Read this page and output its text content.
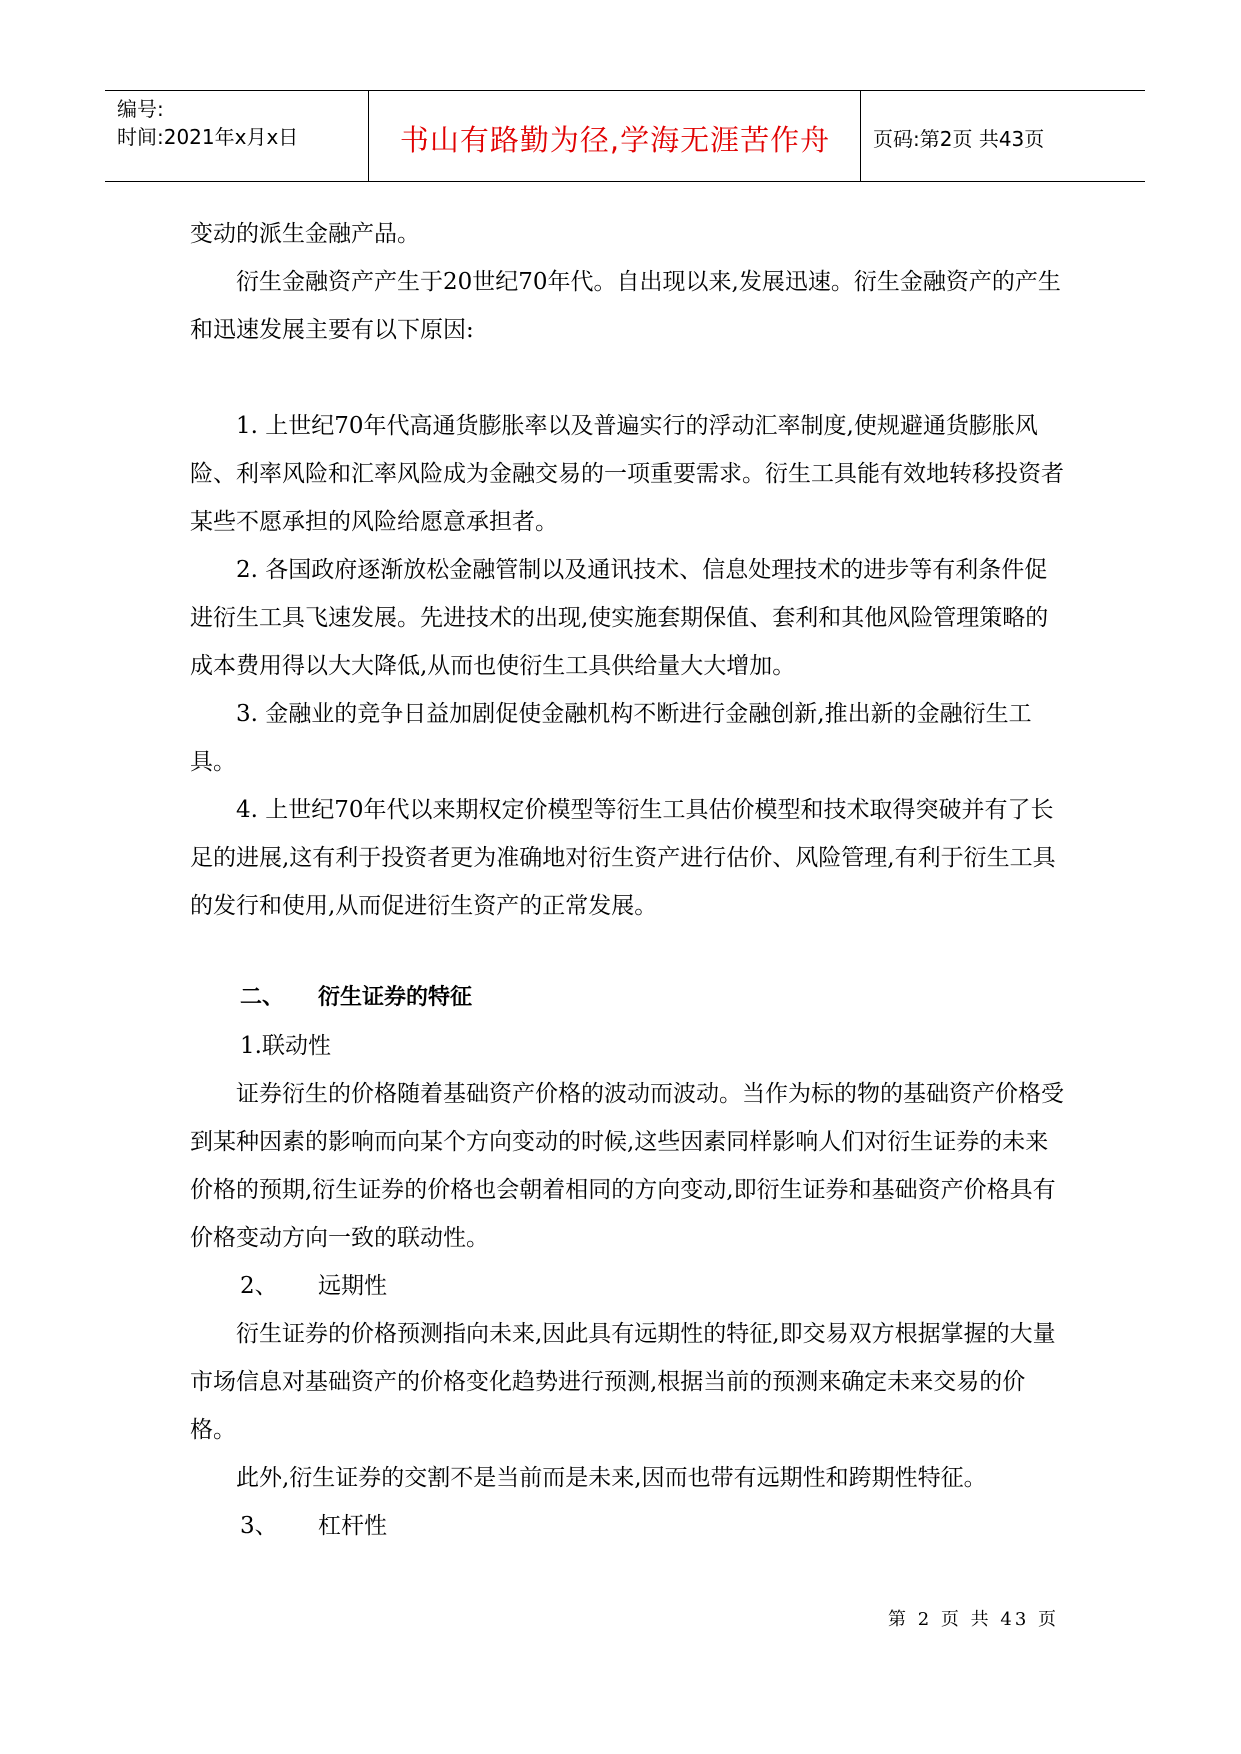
编号:
时间:2021年x月x日	书山有路勤为径,学海无涯苦作舟	页码:第2页 共43页

变动的派生金融产品。

衍生金融资产产生于20世纪70年代。自出现以来,发展迅速。衍生金融资产的产生和迅速发展主要有以下原因:

1. 上世纪70年代高通货膨胀率以及普遍实行的浮动汇率制度,使规避通货膨胀风险、利率风险和汇率风险成为金融交易的一项重要需求。衍生工具能有效地转移投资者某些不愿承担的风险给愿意承担者。

2. 各国政府逐渐放松金融管制以及通讯技术、信息处理技术的进步等有利条件促进衍生工具飞速发展。先进技术的出现,使实施套期保值、套利和其他风险管理策略的成本费用得以大大降低,从而也使衍生工具供给量大大增加。

3. 金融业的竞争日益加剧促使金融机构不断进行金融创新,推出新的金融衍生工具。

4. 上世纪70年代以来期权定价模型等衍生工具估价模型和技术取得突破并有了长足的进展,这有利于投资者更为准确地对衍生资产进行估价、风险管理,有利于衍生工具的发行和使用,从而促进衍生资产的正常发展。

二、 衍生证券的特征
1.联动性

证券衍生的价格随着基础资产价格的波动而波动。当作为标的物的基础资产价格受到某种因素的影响而向某个方向变动的时候,这些因素同样影响人们对衍生证券的未来价格的预期,衍生证券的价格也会朝着相同的方向变动,即衍生证券和基础资产价格具有价格变动方向一致的联动性。

2、 远期性

衍生证券的价格预测指向未来,因此具有远期性的特征,即交易双方根据掌握的大量市场信息对基础资产的价格变化趋势进行预测,根据当前的预测来确定未来交易的价格。

此外,衍生证券的交割不是当前而是未来,因而也带有远期性和跨期性特征。

3、 杠杆性
第 2 页 共 43 页
